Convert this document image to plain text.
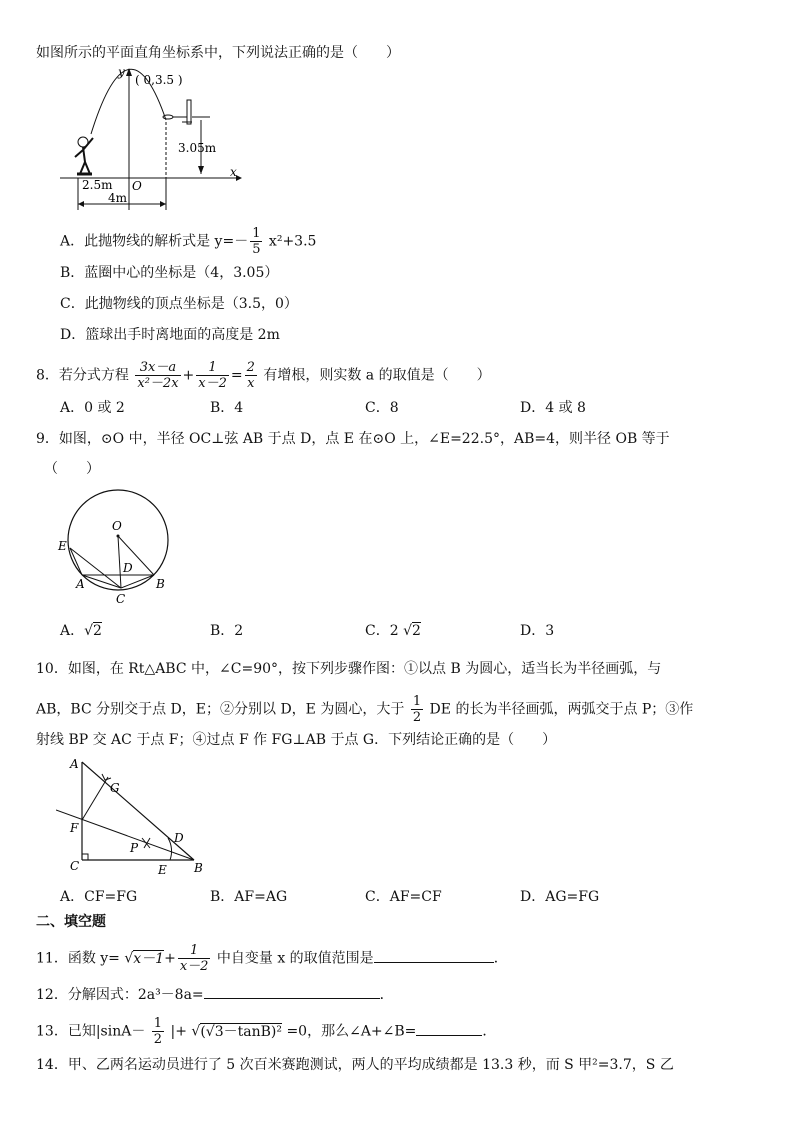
如图所示的平面直角坐标系中，下列说法正确的是（　　）
y
x
( 0,3.5 )
3.05m
2.5m O
4m
A．此抛物线的解析式是 $y=- \frac{1}{5} x^2+3.5$
B．蓝圈中心的坐标是（4，3.05）
C．此抛物线的顶点坐标是（3.5，0）
D．篮球出手时离地面的高度是 2m
8．若分式方程 $\frac{3x-a}{\text{x²－2x}} + \frac{1}{x-2} = \frac{2}{x}$ 有增根，则实数 a 的取值是（　　）
A．0 或 2	B．4	C．8	D．4 或 8
9．如图，⊙O 中，半径 OC⊥弦 AB 于点 D，点 E 在⊙O 上，∠E=22.5°，AB=4，则半径 OB 等于
（　　）
O
E
D
A	B
C
A．√2	B．2	C．2 √2	D．3
10．如图，在 Rt△ABC 中，∠C=90°，按下列步骤作图：①以点 B 为圆心，适当长为半径画弧，与
AB，BC 分别交于点 D，E；②分别以 D，E 为圆心，大于 $\frac{1}{2}$ DE 的长为半径画弧，两弧交于点 P；③作
射线 BP 交 AC 于点 F；④过点 F 作 FG⊥AB 于点 G．下列结论正确的是（　　）
A
G
F
D
P
C	E B
A．CF=FG	B．AF=AG	C．AF=CF	D．AG=FG
二、填空题
11．函数 $y= √x-1+ \frac{1}{x-2}$ 中自变量 x 的取值范围是	．
12．分解因式：2a³－8a=	．
13．已知$|\sin A- \frac{1}{2}$ |+ √(√3－tanB)² =0，那么∠A+∠B=	．
14．甲、乙两名运动员进行了 5 次百米赛跑测试，两人的平均成绩都是 13.3 秒，而 S 甲²=3.7，S 乙
